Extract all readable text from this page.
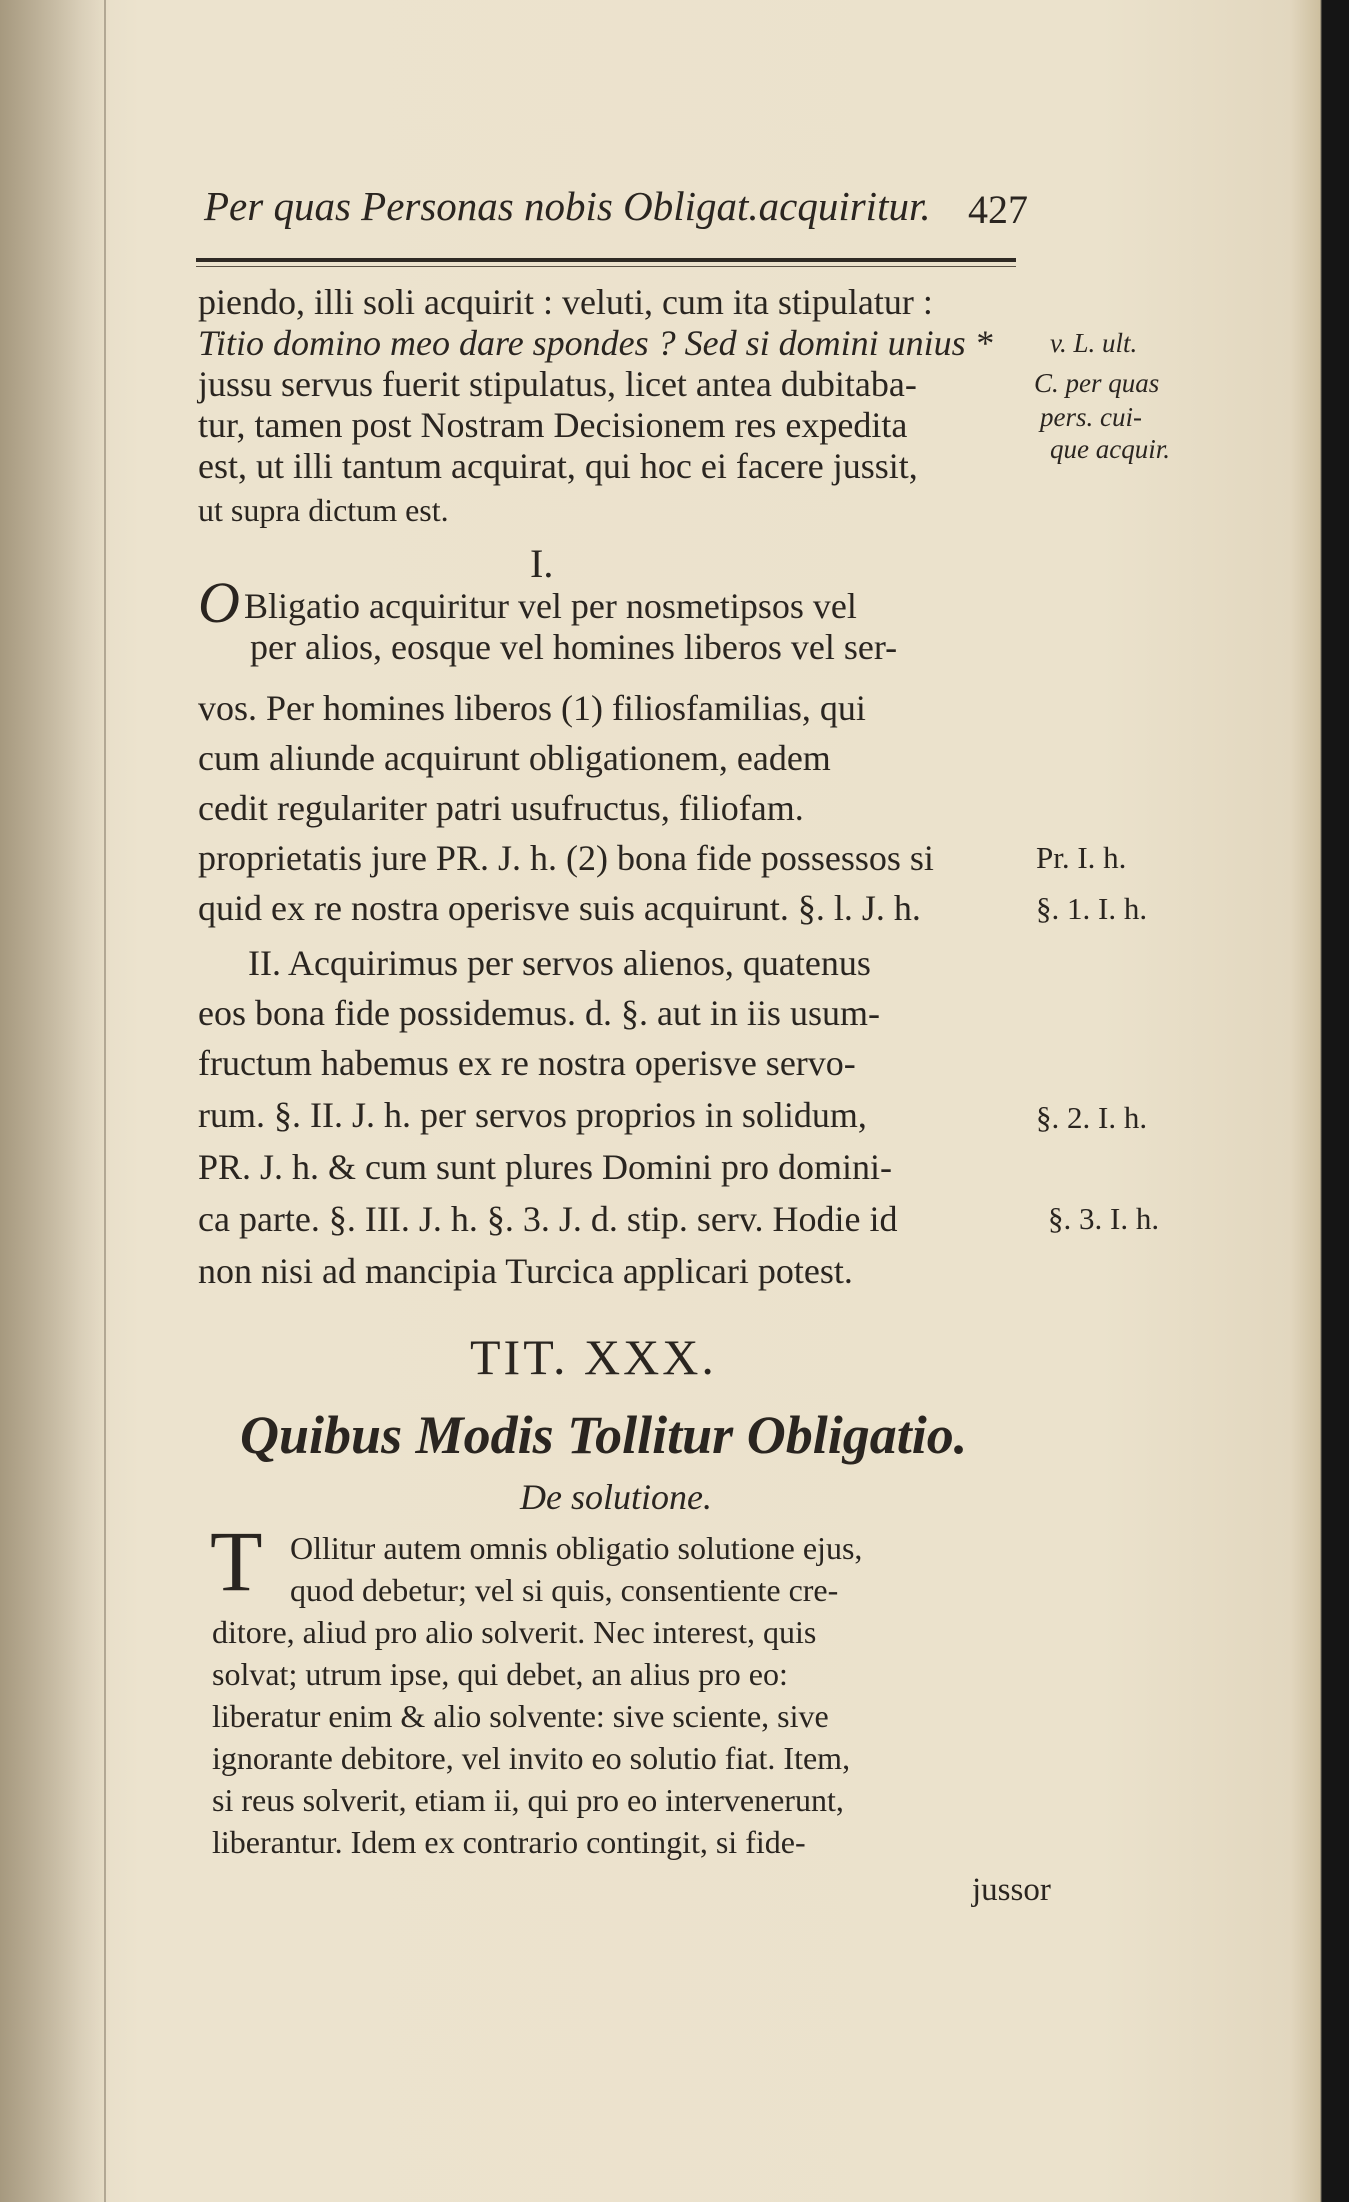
Per quas Personas nobis Obligat.acquiritur. 427
piendo, illi soli acquirit : veluti, cum ita stipulatur :
Titio domino meo dare spondes ? Sed si domini unius *
jussu servus fuerit stipulatus, licet antea dubitaba-
tur, tamen post Nostram Decisionem res expedita
est, ut illi tantum acquirat, qui hoc ei facere jussit,
ut supra dictum est.
v. L. ult.
C. per quas
pers. cui-
que acquir.
I.
O Bligatio acquiritur vel per nosmetipsos vel
per alios, eosque vel homines liberos vel ser-
vos. Per homines liberos (1) filiosfamilias, qui
cum aliunde acquirunt obligationem, eadem
cedit regulariter patri usufructus, filiofam.
proprietatis jure PR. J. h. (2) bona fide possessos si
quid ex re nostra operisve suis acquirunt. §. l. J. h.
II. Acquirimus per servos alienos, quatenus
eos bona fide possidemus. d. §. aut in iis usum-
fructum habemus ex re nostra operisve servo-
rum. §. II. J. h. per servos proprios in solidum,
PR. J. h. & cum sunt plures Domini pro domini-
ca parte. §. III. J. h. §. 3. J. d. stip. serv. Hodie id
non nisi ad mancipia Turcica applicari potest.
Pr. I. h.
§. 1. I. h.
§. 2. I. h.
§. 3. I. h.
TIT. XXX.
Quibus Modis Tollitur Obligatio.
De solutione.
T Ollitur autem omnis obligatio solutione ejus,
quod debetur; vel si quis, consentiente cre-
ditore, aliud pro alio solverit. Nec interest, quis
solvat; utrum ipse, qui debet, an alius pro eo:
liberatur enim & alio solvente: sive sciente, sive
ignorante debitore, vel invito eo solutio fiat. Item,
si reus solverit, etiam ii, qui pro eo intervenerunt,
liberantur. Idem ex contrario contingit, si fide-
jussor
